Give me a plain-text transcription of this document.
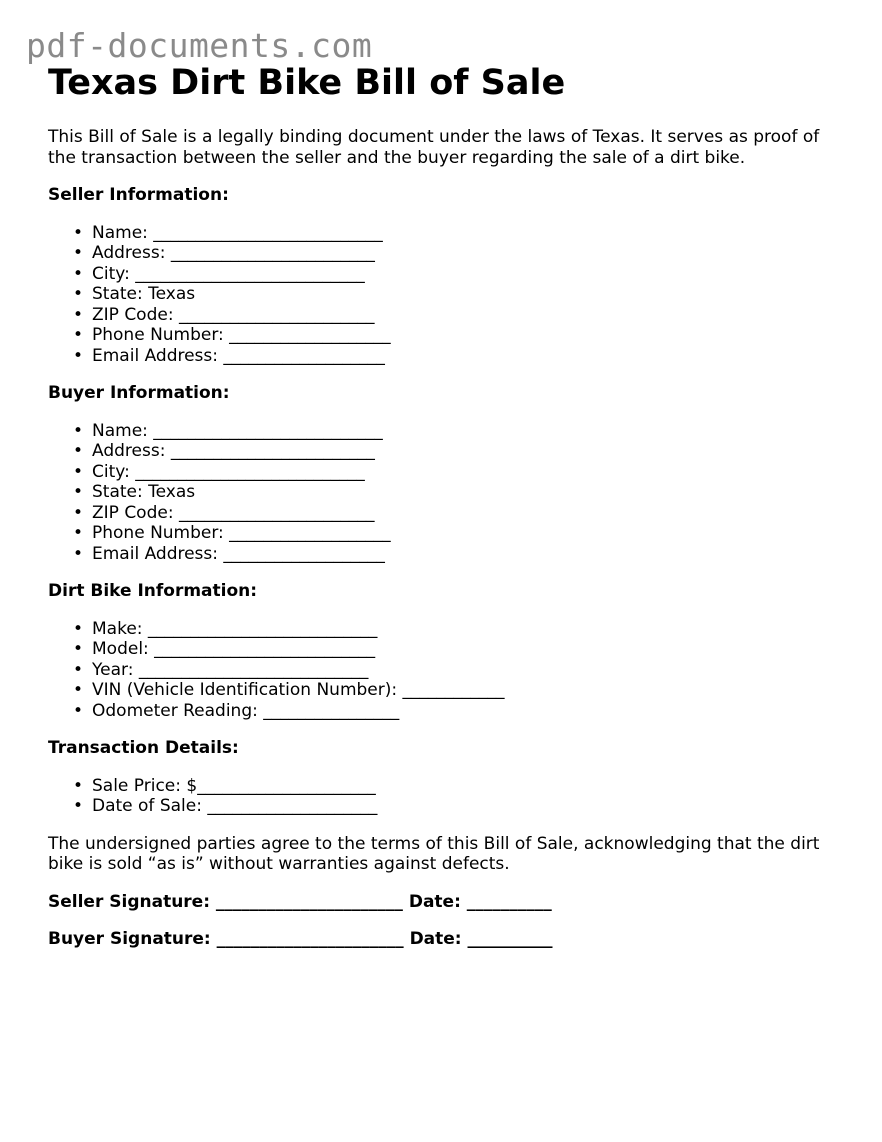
pdf-documents.com
Texas Dirt Bike Bill of Sale

This Bill of Sale is a legally binding document under the laws of Texas. It serves as proof of the transaction between the seller and the buyer regarding the sale of a dirt bike.

Seller Information:
• Name: ___________________________
• Address: ________________________
• City: ___________________________
• State: Texas
• ZIP Code: _______________________
• Phone Number: ___________________
• Email Address: ___________________
Buyer Information:
• Name: ___________________________
• Address: ________________________
• City: ___________________________
• State: Texas
• ZIP Code: _______________________
• Phone Number: ___________________
• Email Address: ___________________
Dirt Bike Information:
• Make: ___________________________
• Model: __________________________
• Year: ___________________________
• VIN (Vehicle Identification Number): ____________
• Odometer Reading: ________________
Transaction Details:
• Sale Price: $_____________________
• Date of Sale: ____________________

The undersigned parties agree to the terms of this Bill of Sale, acknowledging that the dirt bike is sold “as is” without warranties against defects.

Seller Signature: ______________________ Date: __________
Buyer Signature: ______________________ Date: __________
